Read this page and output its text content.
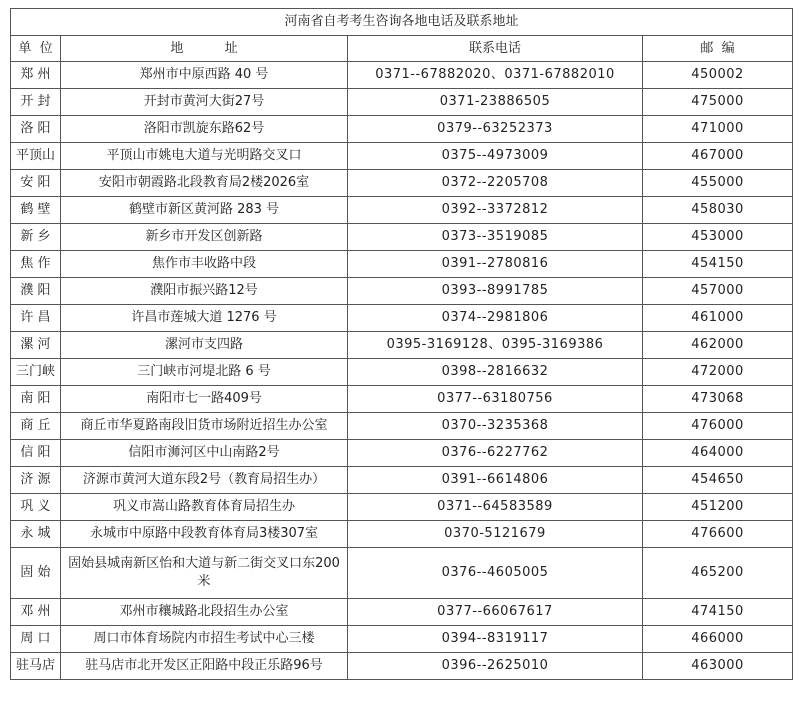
河南省自考考生咨询各地电话及联系地址			
单  位	地          址	联系电话	邮  编
郑 州	郑州市中原西路 40 号	0371--67882020、0371-67882010	450002
开 封	开封市黄河大街27号	0371-23886505	475000
洛 阳	洛阳市凯旋东路62号	0379--63252373	471000
平顶山	平顶山市姚电大道与光明路交叉口	0375--4973009	467000
安 阳	安阳市朝霞路北段教育局2楼2026室	0372--2205708	455000
鹤 壁	鹤壁市新区黄河路 283 号	0392--3372812	458030
新 乡	新乡市开发区创新路	0373--3519085	453000
焦 作	焦作市丰收路中段	0391--2780816	454150
濮 阳	濮阳市振兴路12号	0393--8991785	457000
许 昌	许昌市莲城大道 1276 号	0374--2981806	461000
漯 河	漯河市支四路	0395-3169128、0395-3169386	462000
三门峡	三门峡市河堤北路 6 号	0398--2816632	472000
南 阳	南阳市七一路409号	0377--63180756	473068
商 丘	商丘市华夏路南段旧货市场附近招生办公室	0370--3235368	476000
信 阳	信阳市浉河区中山南路2号	0376--6227762	464000
济 源	济源市黄河大道东段2号（教育局招生办）	0391--6614806	454650
巩 义	巩义市嵩山路教育体育局招生办	0371--64583589	451200
永 城	永城市中原路中段教育体育局3楼307室	0370-5121679	476600
固 始	固始县城南新区怡和大道与新二街交叉口东200米	0376--4605005	465200
邓 州	邓州市穰城路北段招生办公室	0377--66067617	474150
周 口	周口市体育场院内市招生考试中心三楼	0394--8319117	466000
驻马店	驻马店市北开发区正阳路中段正乐路96号	0396--2625010	463000
